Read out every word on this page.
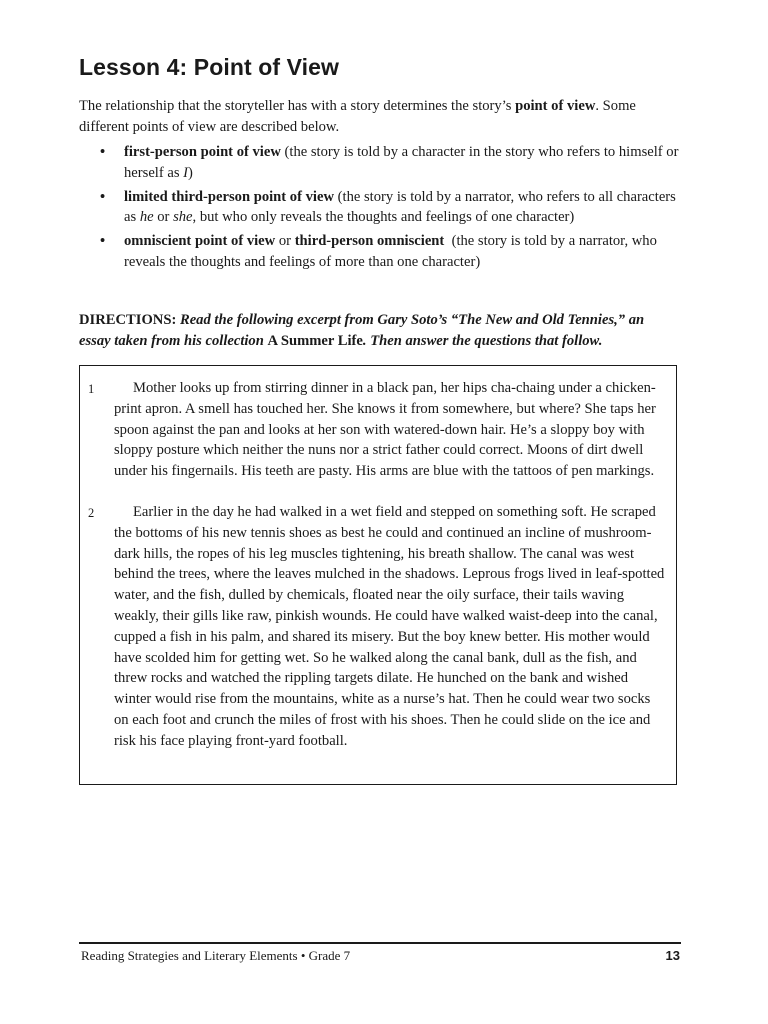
Lesson 4: Point of View

The relationship that the storyteller has with a story determines the story’s point of view. Some different points of view are described below.

• first-person point of view (the story is told by a character in the story who refers to himself or herself as I)
• limited third-person point of view (the story is told by a narrator, who refers to all characters as he or she, but who only reveals the thoughts and feelings of one character)
• omniscient point of view or third-person omniscient  (the story is told by a narrator, who reveals the thoughts and feelings of more than one character)

DIRECTIONS: Read the following excerpt from Gary Soto’s “The New and Old Tennies,” an essay taken from his collection A Summer Life. Then answer the questions that follow.

1	Mother looks up from stirring dinner in a black pan, her hips cha-chaing under a chicken-print apron. A smell has touched her. She knows it from somewhere, but where? She taps her spoon against the pan and looks at her son with watered-down hair. He’s a sloppy boy with sloppy posture which neither the nuns nor a strict father could correct. Moons of dirt dwell under his fingernails. His teeth are pasty. His arms are blue with the tattoos of pen markings.

2	Earlier in the day he had walked in a wet field and stepped on something soft. He scraped the bottoms of his new tennis shoes as best he could and continued an incline of mushroom-dark hills, the ropes of his leg muscles tightening, his breath shallow. The canal was west behind the trees, where the leaves mulched in the shadows. Leprous frogs lived in leaf-spotted water, and the fish, dulled by chemicals, floated near the oily surface, their tails waving weakly, their gills like raw, pinkish wounds. He could have walked waist-deep into the canal, cupped a fish in his palm, and shared its misery. But the boy knew better. His mother would have scolded him for getting wet. So he walked along the canal bank, dull as the fish, and threw rocks and watched the rippling targets dilate. He hunched on the bank and wished winter would rise from the mountains, white as a nurse’s hat. Then he could wear two socks on each foot and crunch the miles of frost with his shoes. Then he could slide on the ice and risk his face playing front-yard football.

Reading Strategies and Literary Elements • Grade 7	13
